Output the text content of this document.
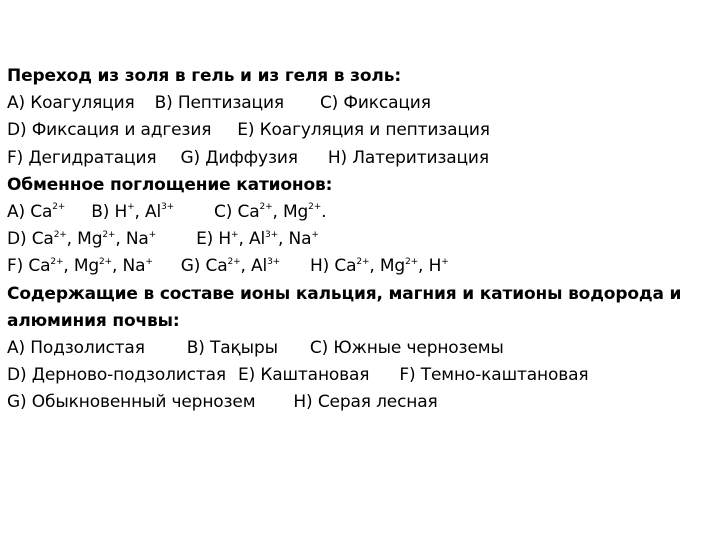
Переход из золя в гель и из геля в золь:
A) Коагуляция B) Пептизация C) Фиксация
D) Фиксация и адгезия E) Коагуляция и пептизация
F) Дегидратация G) Диффузия H) Латеритизация
Обменное поглощение катионов:
A) $Ca^{2+}$ B) H+, $Al^{3+}$ C) $Ca^{2+}$, $Mg^{2+}$.
D) $Ca^{2+}$, $Mg^{2+}$, Na+ E) H+, $Al^{3+}$, Na+
F) $Ca^{2+}$, $Mg^{2+}$, Na+ G) $Ca^{2+}$, $Al^{3+}$ H) $Ca^{2+}$, $Mg^{2+}$, H+
Содержащие в составе ионы кальция, магния и катионы водорода и алюминия почвы:
A) Подзолистая B) Тақыры C) Южные черноземы
D) Дерново-подзолистая E) Каштановая F) Темно-каштановая
G) Обыкновенный чернозем H) Серая лесная
